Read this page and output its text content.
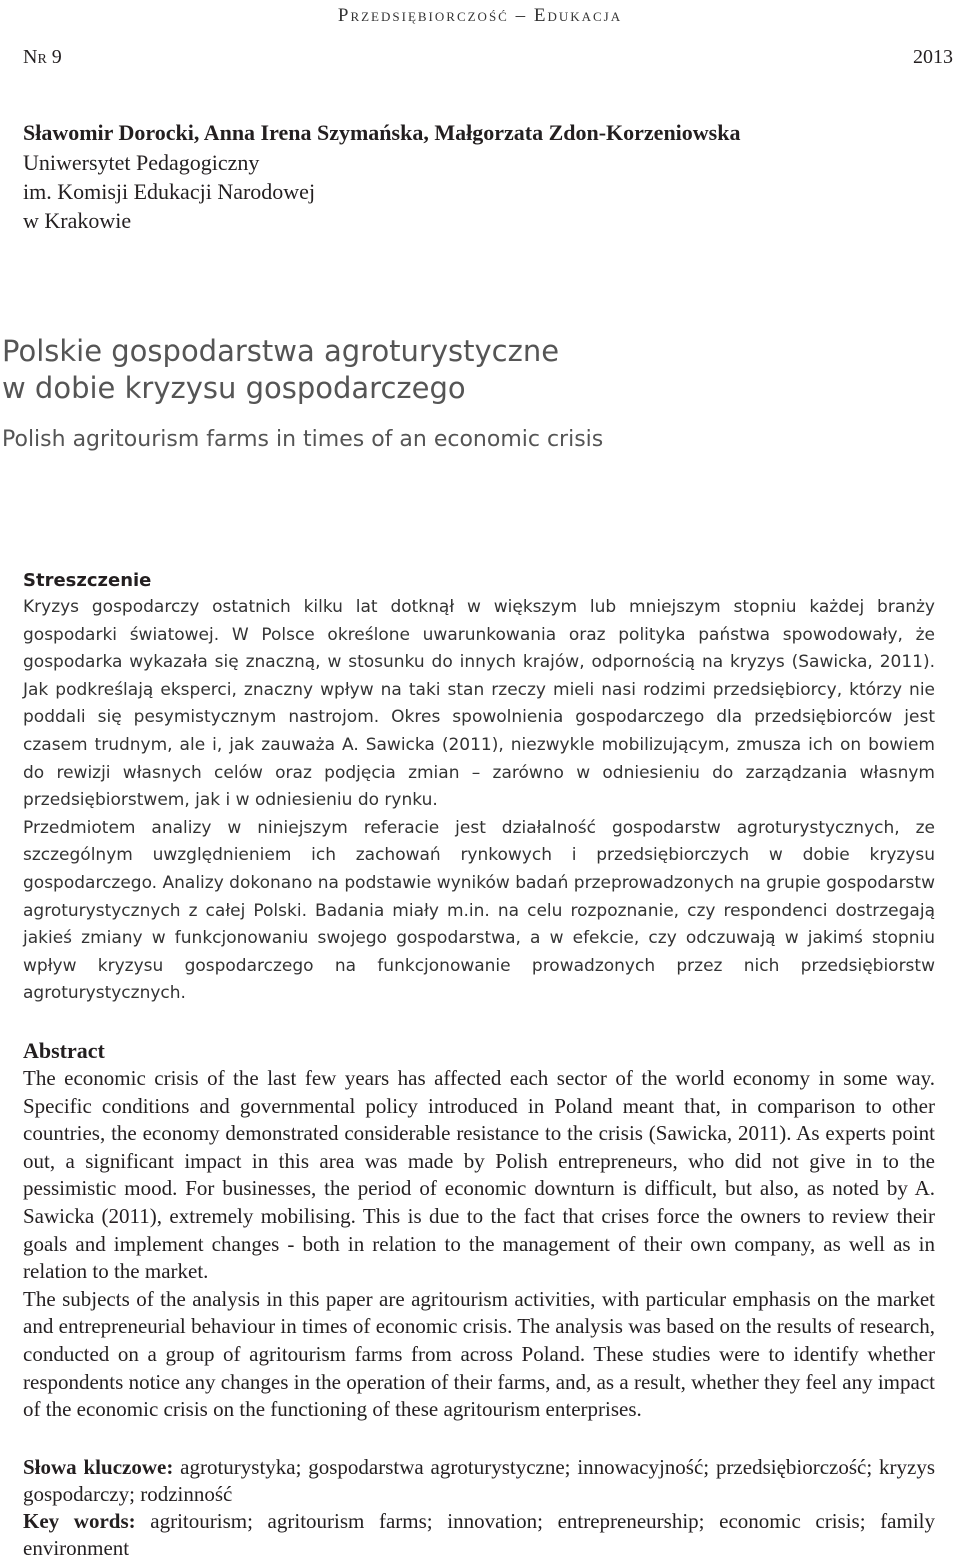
Przedsiębiorczość – Edukacja
Nr 9	2013
Sławomir Dorocki, Anna Irena Szymańska, Małgorzata Zdon-Korzeniowska
Uniwersytet Pedagogiczny
im. Komisji Edukacji Narodowej
w Krakowie
Polskie gospodarstwa agroturystyczne
w dobie kryzysu gospodarczego
Polish agritourism farms in times of an economic crisis
Streszczenie

Kryzys gospodarczy ostatnich kilku lat dotknął w większym lub mniejszym stopniu każdej branży gospodarki światowej. W Polsce określone uwarunkowania oraz polityka państwa spowodowały, że gospodarka wykazała się znaczną, w stosunku do innych krajów, odpornością na kryzys (Sawicka, 2011). Jak podkreślają eksperci, znaczny wpływ na taki stan rzeczy mieli nasi rodzimi przedsiębiorcy, którzy nie poddali się pesymistycznym nastrojom. Okres spowolnienia gospodarczego dla przedsiębiorców jest czasem trudnym, ale i, jak zauważa A. Sawicka (2011), niezwykle mobilizującym, zmusza ich on bowiem do rewizji własnych celów oraz podjęcia zmian – zarówno w odniesieniu do zarządzania własnym przedsiębiorstwem, jak i w odniesieniu do rynku.

Przedmiotem analizy w niniejszym referacie jest działalność gospodarstw agroturystycznych, ze szczególnym uwzględnieniem ich zachowań rynkowych i przedsiębiorczych w dobie kryzysu gospodarczego. Analizy dokonano na podstawie wyników badań przeprowadzonych na grupie gospodarstw agroturystycznych z całej Polski. Badania miały m.in. na celu rozpoznanie, czy respondenci dostrzegają jakieś zmiany w funkcjonowaniu swojego gospodarstwa, a w efekcie, czy odczuwają w jakimś stopniu wpływ kryzysu gospodarczego na funkcjonowanie prowadzonych przez nich przedsiębiorstw agroturystycznych.

Abstract

The economic crisis of the last few years has affected each sector of the world economy in some way. Specific conditions and governmental policy introduced in Poland meant that, in comparison to other countries, the economy demonstrated considerable resistance to the crisis (Sawicka, 2011). As experts point out, a significant impact in this area was made by Polish entrepreneurs, who did not give in to the pessimistic mood. For businesses, the period of economic downturn is difficult, but also, as noted by A. Sawicka (2011), extremely mobilising. This is due to the fact that crises force the owners to review their goals and implement changes - both in relation to the management of their own company, as well as in relation to the market.

The subjects of the analysis in this paper are agritourism activities, with particular emphasis on the market and entrepreneurial behaviour in times of economic crisis. The analysis was based on the results of research, conducted on a group of agritourism farms from across Poland. These studies were to identify whether respondents notice any changes in the operation of their farms, and, as a result, whether they feel any impact of the economic crisis on the functioning of these agritourism enterprises.

Słowa kluczowe: agroturystyka; gospodarstwa agroturystyczne; innowacyjność; przedsiębiorczość; kryzys gospodarczy; rodzinność

Key words: agritourism; agritourism farms; innovation; entrepreneurship; economic crisis; family environment
